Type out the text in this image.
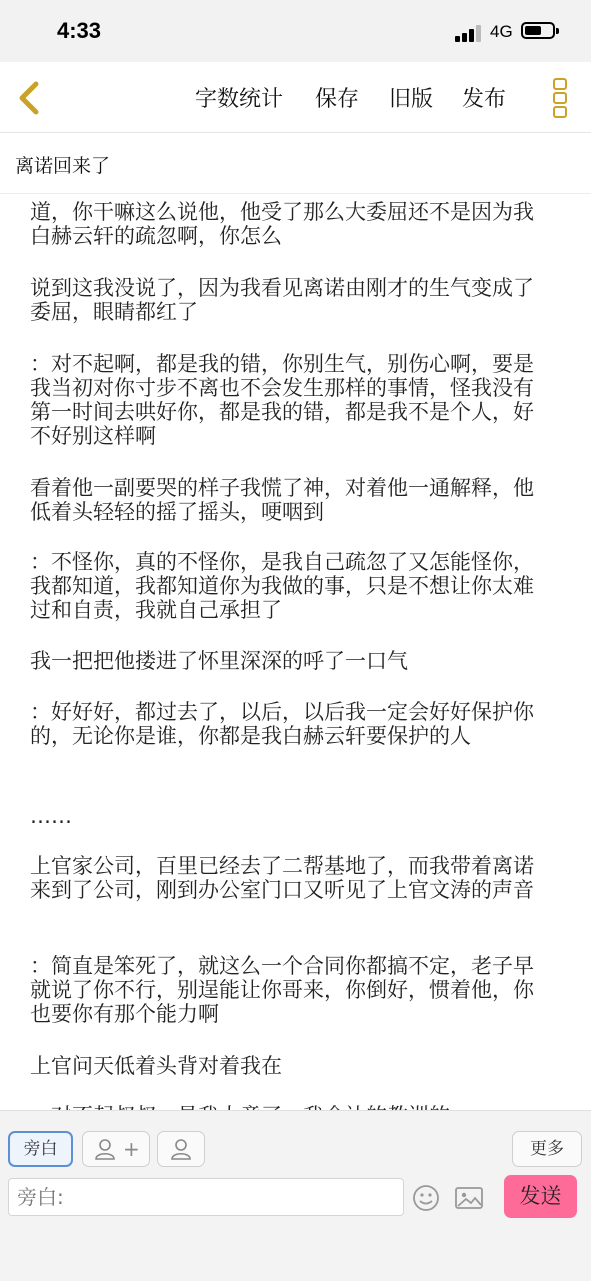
4:33	4G
字数统计 保存 旧版 发布
离诺回来了
道，你干嘛这么说他，他受了那么大委屈还不是因为我白赫云轩的疏忽啊，你怎么
说到这我没说了，因为我看见离诺由刚才的生气变成了委屈，眼睛都红了
：对不起啊，都是我的错，你别生气，别伤心啊，要是我当初对你寸步不离也不会发生那样的事情，怪我没有第一时间去哄好你，都是我的错，都是我不是个人，好不好别这样啊
看着他一副要哭的样子我慌了神，对着他一通解释，他低着头轻轻的摇了摇头，哽咽到
：不怪你，真的不怪你，是我自己疏忽了又怎能怪你，我都知道，我都知道你为我做的事，只是不想让你太难过和自责，我就自己承担了
我一把把他搂进了怀里深深的呼了一口气
：好好好，都过去了，以后，以后我一定会好好保护你的，无论你是谁，你都是我白赫云轩要保护的人
……
上官家公司，百里已经去了二帮基地了，而我带着离诺来到了公司，刚到办公室门口又听见了上官文涛的声音
：简直是笨死了，就这么一个合同你都搞不定，老子早就说了你不行，别逞能让你哥来，你倒好，惯着他，你也要你有那个能力啊
上官问天低着头背对着我在
旁白	+	更多
旁白:
发送
